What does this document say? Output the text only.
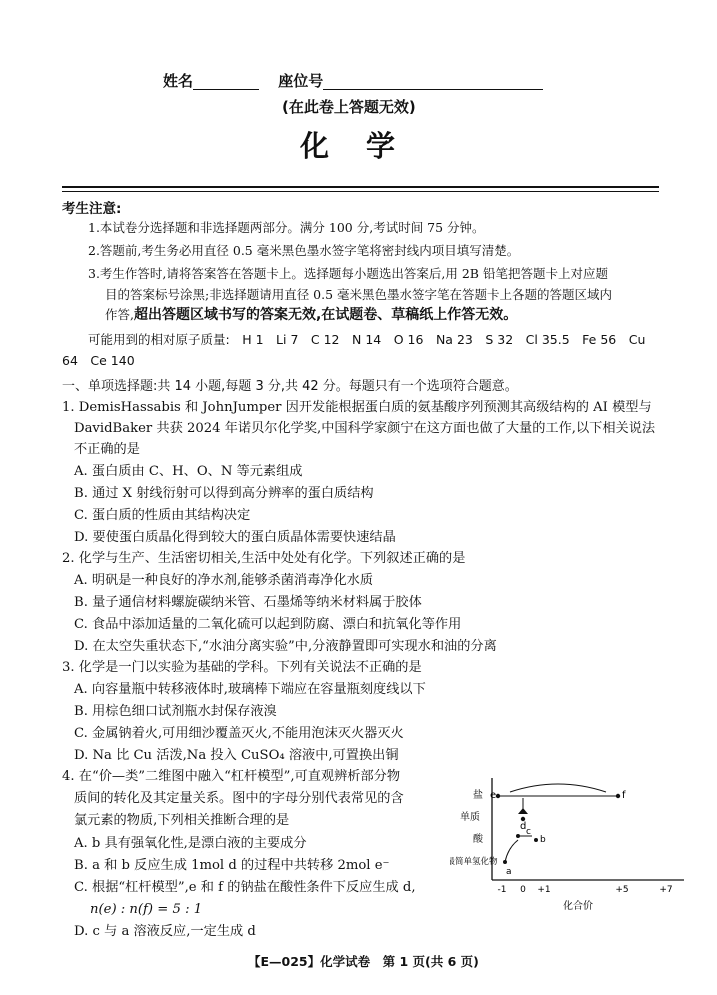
姓名	座位号
(在此卷上答题无效)
化　学
考生注意:
1.本试卷分选择题和非选择题两部分。满分 100 分,考试时间 75 分钟。
2.答题前,考生务必用直径 0.5 毫米黑色墨水签字笔将密封线内项目填写清楚。
3.考生作答时,请将答案答在答题卡上。选择题每小题选出答案后,用 2B 铅笔把答题卡上对应题
目的答案标号涂黑;非选择题请用直径 0.5 毫米黑色墨水签字笔在答题卡上各题的答题区域内
作答,超出答题区域书写的答案无效,在试题卷、草稿纸上作答无效。
可能用到的相对原子质量:　H 1　Li 7　C 12　N 14　O 16　Na 23　S 32　Cl 35.5　Fe 56　Cu
64　Ce 140
一、单项选择题:共 14 小题,每题 3 分,共 42 分。每题只有一个选项符合题意。
1. DemisHassabis 和 JohnJumper 因开发能根据蛋白质的氨基酸序列预测其高级结构的 AI 模型与
DavidBaker 共获 2024 年诺贝尔化学奖,中国科学家颜宁在这方面也做了大量的工作,以下相关说法
不正确的是
A. 蛋白质由 C、H、O、N 等元素组成
B. 通过 X 射线衍射可以得到高分辨率的蛋白质结构
C. 蛋白质的性质由其结构决定
D. 要使蛋白质晶化得到较大的蛋白质晶体需要快速结晶
2. 化学与生产、生活密切相关,生活中处处有化学。下列叙述正确的是
A. 明矾是一种良好的净水剂,能够杀菌消毒净化水质
B. 量子通信材料螺旋碳纳米管、石墨烯等纳米材料属于胶体
C. 食品中添加适量的二氧化硫可以起到防腐、漂白和抗氧化等作用
D. 在太空失重状态下,“水油分离实验”中,分液静置即可实现水和油的分离
3. 化学是一门以实验为基础的学科。下列有关说法不正确的是
A. 向容量瓶中转移液体时,玻璃棒下端应在容量瓶刻度线以下
B. 用棕色细口试剂瓶水封保存液溴
C. 金属钠着火,可用细沙覆盖灭火,不能用泡沫灭火器灭火
D. Na 比 Cu 活泼,Na 投入 CuSO₄ 溶液中,可置换出铜
4. 在“价—类”二维图中融入“杠杆模型”,可直观辨析部分物
质间的转化及其定量关系。图中的字母分别代表常见的含
氯元素的物质,下列相关推断合理的是
A. b 具有强氧化性,是漂白液的主要成分
B. a 和 b 反应生成 1mol d 的过程中共转移 2mol e⁻
C. 根据“杠杆模型”,e 和 f 的钠盐在酸性条件下反应生成 d,
n(e) : n(f) = 5 : 1
D. c 与 a 溶液反应,一定生成 d
盐
单质
酸
最简单氢化物
-1 0 +1	+5	+7
化合价
e	f
d c
b
a
【E—025】化学试卷　第 1 页(共 6 页)
